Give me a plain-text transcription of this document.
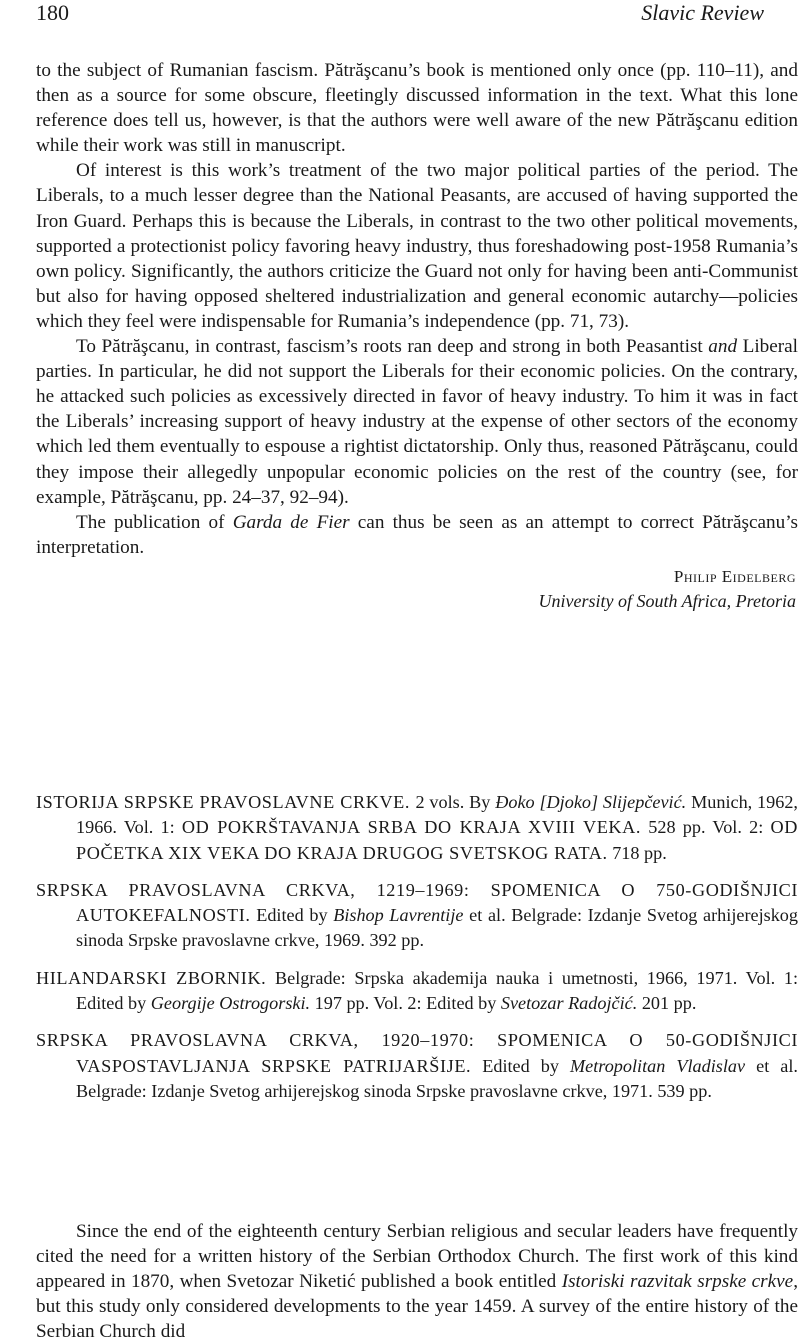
180	Slavic Review

to the subject of Rumanian fascism. Pătrăşcanu’s book is mentioned only once (pp. 110–11), and then as a source for some obscure, fleetingly discussed information in the text. What this lone reference does tell us, however, is that the authors were well aware of the new Pătrăşcanu edition while their work was still in manuscript.

Of interest is this work’s treatment of the two major political parties of the period. The Liberals, to a much lesser degree than the National Peasants, are accused of having supported the Iron Guard. Perhaps this is because the Liberals, in contrast to the two other political movements, supported a protectionist policy favoring heavy industry, thus foreshadowing post-1958 Rumania’s own policy. Significantly, the authors criticize the Guard not only for having been anti-Communist but also for having opposed sheltered industrialization and general economic autarchy—policies which they feel were indispensable for Rumania’s independence (pp. 71, 73).

To Pătrăşcanu, in contrast, fascism’s roots ran deep and strong in both Peasantist and Liberal parties. In particular, he did not support the Liberals for their economic policies. On the contrary, he attacked such policies as excessively directed in favor of heavy industry. To him it was in fact the Liberals’ increasing support of heavy industry at the expense of other sectors of the economy which led them eventually to espouse a rightist dictatorship. Only thus, reasoned Pătrăşcanu, could they impose their allegedly unpopular economic policies on the rest of the country (see, for example, Pătrăşcanu, pp. 24–37, 92–94).

The publication of Garda de Fier can thus be seen as an attempt to correct Pătrăşcanu’s interpretation.

Philip Eidelberg
University of South Africa, Pretoria
ISTORIJA SRPSKE PRAVOSLAVNE CRKVE. 2 vols. By Đoko [Djoko] Slijepčević. Munich, 1962, 1966. Vol. 1: OD POKRŠTAVANJA SRBA DO KRAJA XVIII VEKA. 528 pp. Vol. 2: OD POČETKA XIX VEKA DO KRAJA DRUGOG SVETSKOG RATA. 718 pp.
SRPSKA PRAVOSLAVNA CRKVA, 1219–1969: SPOMENICA O 750-GODIŠNJICI AUTOKEFALNOSTI. Edited by Bishop Lavrentije et al. Belgrade: Izdanje Svetog arhijerejskog sinoda Srpske pravoslavne crkve, 1969. 392 pp.
HILANDARSKI ZBORNIK. Belgrade: Srpska akademija nauka i umetnosti, 1966, 1971. Vol. 1: Edited by Georgije Ostrogorski. 197 pp. Vol. 2: Edited by Svetozar Radojčić. 201 pp.
SRPSKA PRAVOSLAVNA CRKVA, 1920–1970: SPOMENICA O 50-GODIŠNJICI VASPOSTAVLJANJA SRPSKE PATRIJARŠIJE. Edited by Metropolitan Vladislav et al. Belgrade: Izdanje Svetog arhijerejskog sinoda Srpske pravoslavne crkve, 1971. 539 pp.

Since the end of the eighteenth century Serbian religious and secular leaders have frequently cited the need for a written history of the Serbian Orthodox Church. The first work of this kind appeared in 1870, when Svetozar Niketić published a book entitled Istoriski razvitak srpske crkve, but this study only considered developments to the year 1459. A survey of the entire history of the Serbian Church did
